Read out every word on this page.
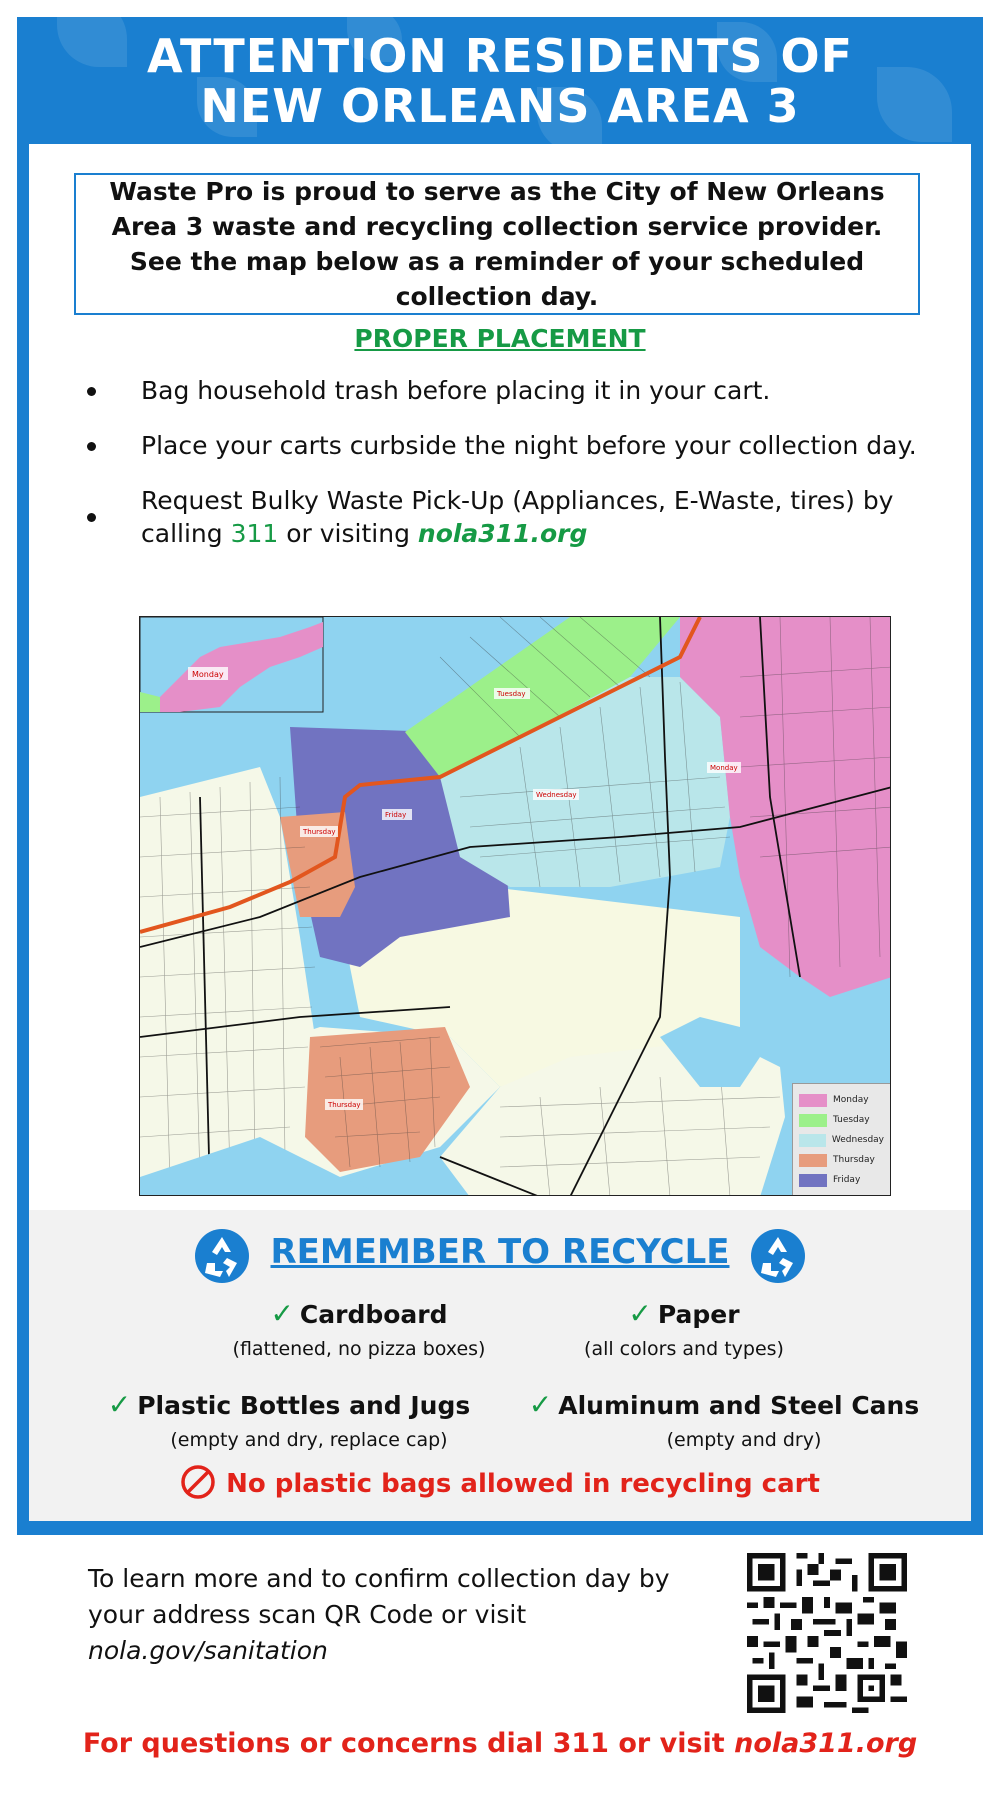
ATTENTION RESIDENTS OF
NEW ORLEANS AREA 3
Waste Pro is proud to serve as the City of New Orleans Area 3 waste and recycling collection service provider. See the map below as a reminder of your scheduled collection day.
PROPER PLACEMENT
Bag household trash before placing it in your cart.
Place your carts curbside the night before your collection day.
Request Bulky Waste Pick-Up (Appliances, E-Waste, tires) by calling 311 or visiting nola311.org
Monday
Tuesday
Monday
Wednesday
Friday
Thursday
Thursday	Monday
Tuesday
Wednesday
Thursday
Friday
REMEMBER TO RECYCLE
✓ Cardboard
(flattened, no pizza boxes)
✓ Paper
(all colors and types)
✓ Plastic Bottles and Jugs
(empty and dry, replace cap)
✓ Aluminum and Steel Cans
(empty and dry)
No plastic bags allowed in recycling cart
To learn more and to confirm collection day by your address scan QR Code or visit
nola.gov/sanitation
For questions or concerns dial 311 or visit nola311.org
